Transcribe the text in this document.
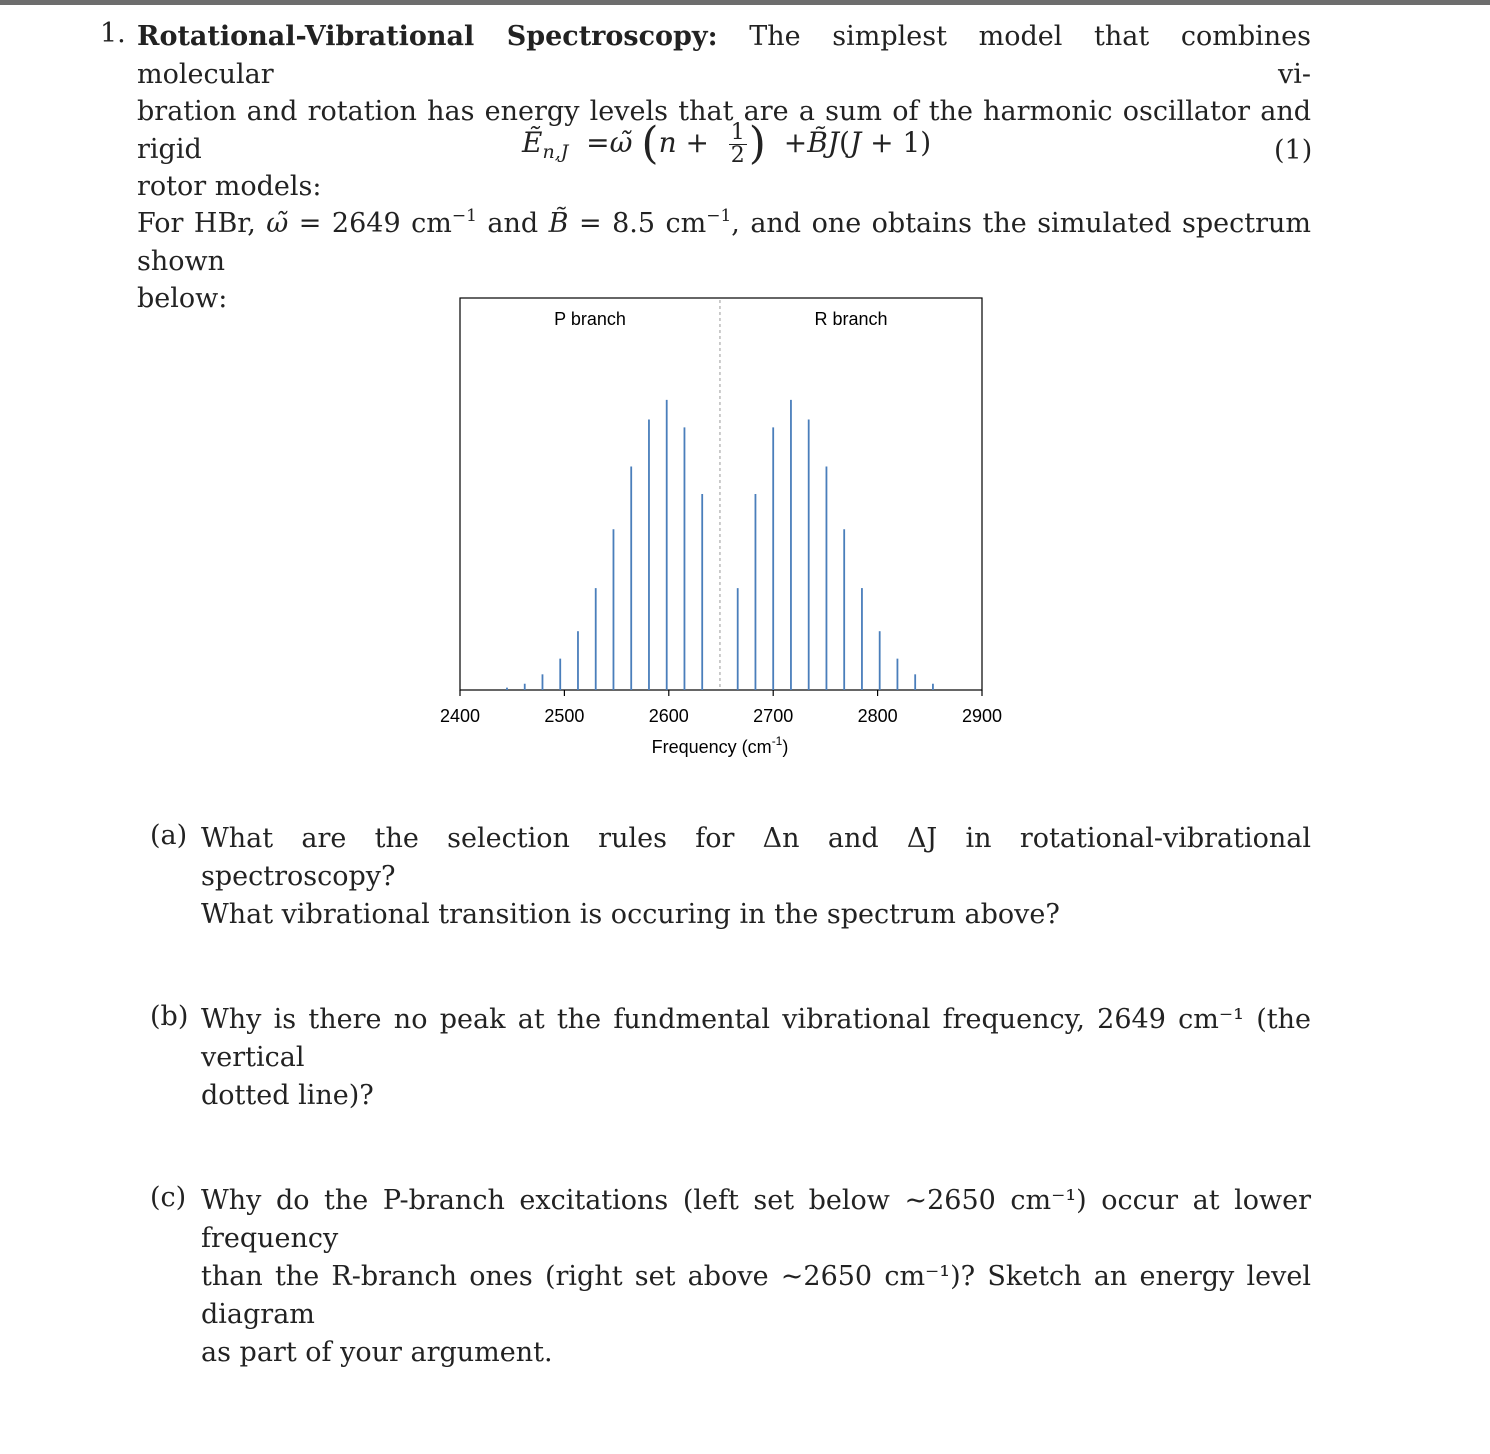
1. Rotational-Vibrational Spectroscopy: The simplest model that combines molecular vi-
bration and rotation has energy levels that are a sum of the harmonic oscillator and rigid
rotor models:
Ẽn,J  =ω̃ ($n + \frac{1}{2}$ )  +B̃J(J + 1)	(1)
For HBr, ω̃ = 2649 $cm^{-1}$ and B̃ = 8.5 $cm^{-1}$, and one obtains the simulated spectrum shown
below:
P branch	R branch
2400	2500	2600	2700	2800	2900
Frequency $(cm^{-1})$
(a) What are the selection rules for Δn and ΔJ in rotational-vibrational spectroscopy?
What vibrational transition is occuring in the spectrum above?
(b) Why is there no peak at the fundmental vibrational frequency, 2649 cm⁻¹ (the vertical
dotted line)?
(c) Why do the P-branch excitations (left set below ~2650 cm⁻¹) occur at lower frequency
than the R-branch ones (right set above ~2650 cm⁻¹)? Sketch an energy level diagram
as part of your argument.
